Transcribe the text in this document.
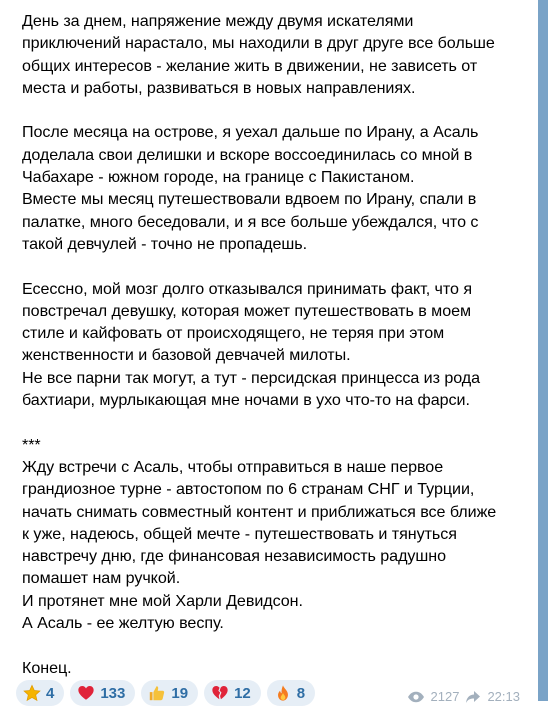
День за днем, напряжение между двумя искателями
приключений нарастало, мы находили в друг друге все больше
общих интересов - желание жить в движении, не зависеть от
места и работы, развиваться в новых направлениях.
После месяца на острове, я уехал дальше по Ирану, а Асаль
доделала свои делишки и вскоре воссоединилась со мной в
Чабахаре - южном городе, на границе с Пакистаном.
Вместе мы месяц путешествовали вдвоем по Ирану, спали в
палатке, много беседовали, и я все больше убеждался, что с
такой девчулей - точно не пропадешь.
Есессно, мой мозг долго отказывался принимать факт, что я
повстречал девушку, которая может путешествовать в моем
стиле и кайфовать от происходящего, не теряя при этом
женственности и базовой девчачей милоты.
Не все парни так могут, а тут - персидская принцесса из рода
бахтиари, мурлыкающая мне ночами в ухо что-то на фарси.
***
Жду встречи с Асаль, чтобы отправиться в наше первое
грандиозное турне - автостопом по 6 странам СНГ и Турции,
начать снимать совместный контент и приближаться все ближе
к уже, надеюсь, общей мечте - путешествовать и тянуться
навстречу дню, где финансовая независимость радушно
помашет нам ручкой.
И протянет мне мой Харли Девидсон.
А Асаль - ее желтую веспу.
Конец.
4	133	19	12	8	2127 22:13
